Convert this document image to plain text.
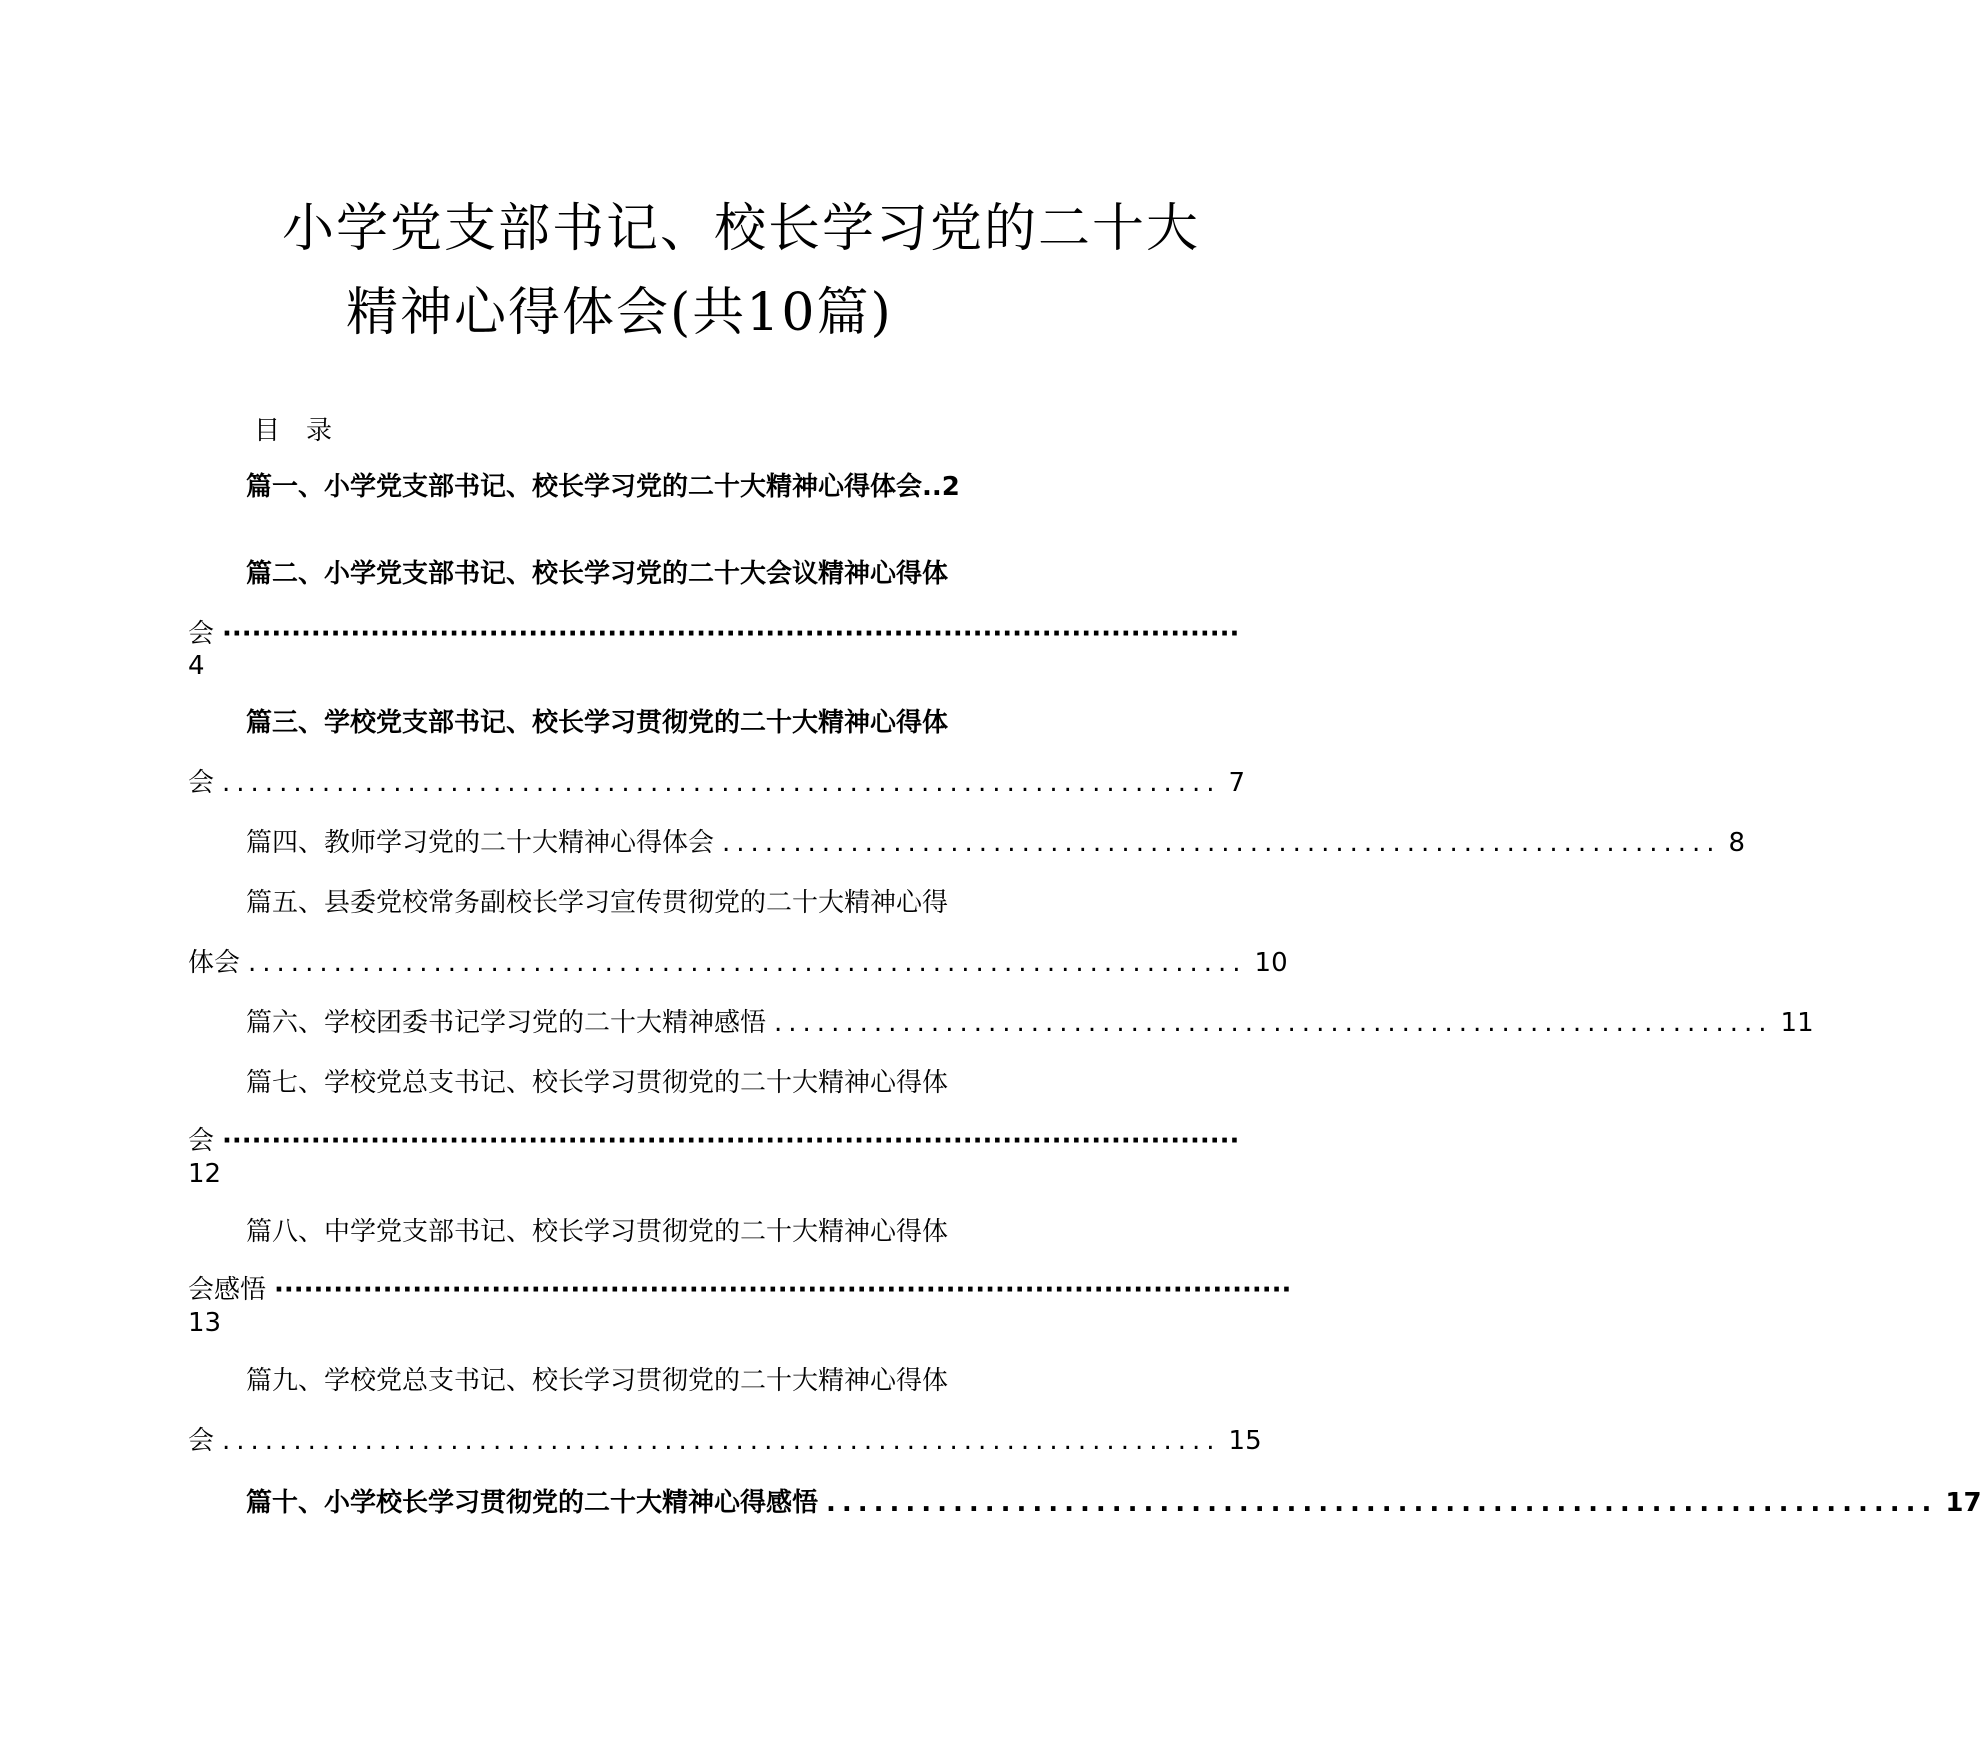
小学党支部书记、校长学习党的二十大
精神心得体会(共10篇)
目录
篇一、小学党支部书记、校长学习党的二十大精神心得体会..2
篇二、小学党支部书记、校长学习党的二十大会议精神心得体
会 ·······································································································
4
篇三、学校党支部书记、校长学习贯彻党的二十大精神心得体
会 ...................................................................... 7
篇四、教师学习党的二十大精神心得体会 ...................................................................... 8
篇五、县委党校常务副校长学习宣传贯彻党的二十大精神心得
体会 ...................................................................... 10
篇六、学校团委书记学习党的二十大精神感悟 ...................................................................... 11
篇七、学校党总支书记、校长学习贯彻党的二十大精神心得体
会 ·······································································································
12
篇八、中学党支部书记、校长学习贯彻党的二十大精神心得体
会感悟 ·······································································································
13
篇九、学校党总支书记、校长学习贯彻党的二十大精神心得体
会 ...................................................................... 15
篇十、小学校长学习贯彻党的二十大精神心得感悟 ...................................................................... 17
